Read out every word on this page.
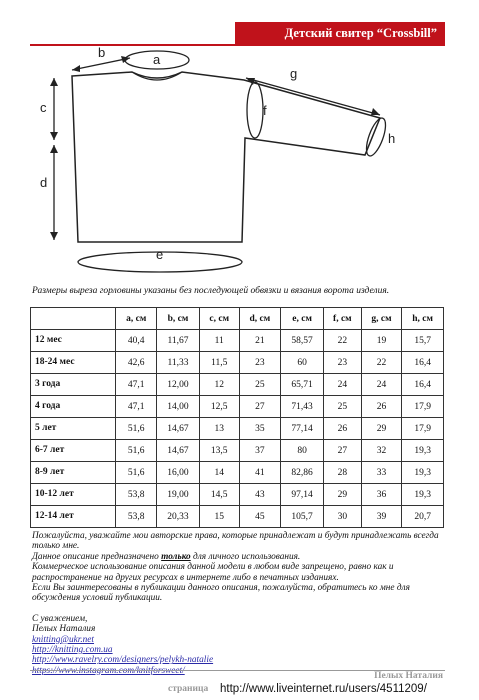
Детский свитер “Crossbill”
a
b
c
d
e
f
g
h
Размеры выреза горловины указаны без последующей обвязки и вязания ворота изделия.
	a, см	b, см	c, см	d, см	e, см	f, см	g, см	h, см
12 мес	40,4	11,67	11	21	58,57	22	19	15,7
18-24 мес	42,6	11,33	11,5	23	60	23	22	16,4
3 года	47,1	12,00	12	25	65,71	24	24	16,4
4 года	47,1	14,00	12,5	27	71,43	25	26	17,9
5 лет	51,6	14,67	13	35	77,14	26	29	17,9
6-7 лет	51,6	14,67	13,5	37	80	27	32	19,3
8-9 лет	51,6	16,00	14	41	82,86	28	33	19,3
10-12 лет	53,8	19,00	14,5	43	97,14	29	36	19,3
12-14 лет	53,8	20,33	15	45	105,7	30	39	20,7

Пожалуйста, уважайте мои авторские права, которые принадлежат и будут принадлежать всегда только мне.

Данное описание предназначено только для личного использования.

Коммерческое использование описания данной модели в любом виде запрещено, равно как и распространение на других ресурсах в интернете либо в печатных изданиях.

Если Вы заинтересованы в публикации данного описания, пожалуйста, обратитесь ко мне для обсуждения условий публикации.

С уважением,

Пелых Наталия

knitting@ukr.net
http://knitting.com.ua
http://www.ravelry.com/designers/pelykh-natalie
Пелых Наталия
страница http://www.liveinternet.ru/users/4511209/
